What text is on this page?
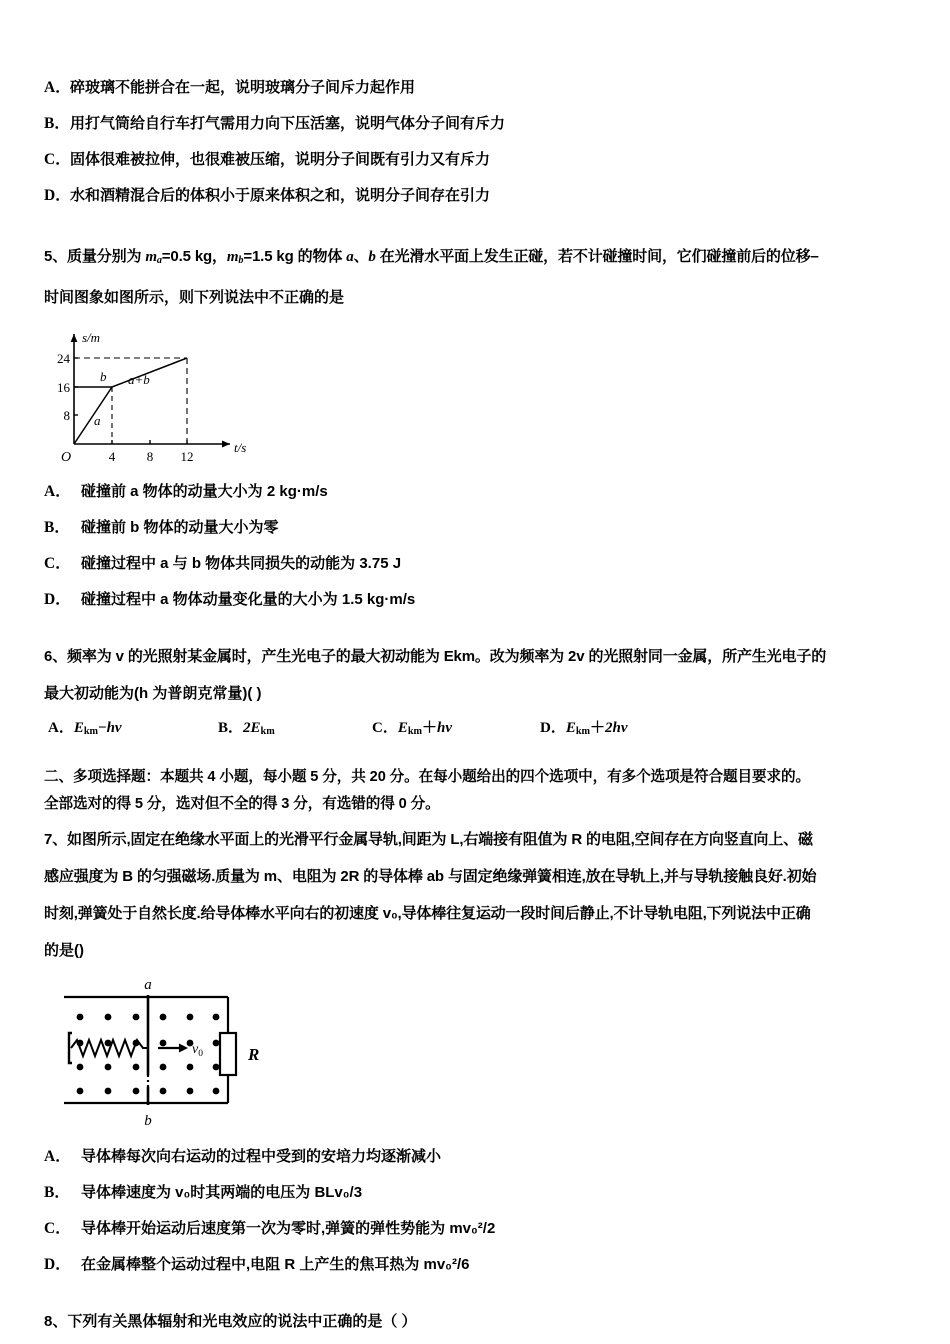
A． 碎玻璃不能拼合在一起，说明玻璃分子间斥力起作用
B． 用打气筒给自行车打气需用力向下压活塞，说明气体分子间有斥力
C． 固体很难被拉伸，也很难被压缩，说明分子间既有引力又有斥力
D． 水和酒精混合后的体积小于原来体积之和，说明分子间存在引力
5、质量分别为 $m_a=0.5$ kg，$m_b=1.5$ kg 的物体 a、b 在光滑水平面上发生正碰，若不计碰撞时间，它们碰撞前后的位移–
时间图象如图所示，则下列说法中不正确的是
24
16
8
4 8 12
O
s/m
t/s
a
b a+b
A． 碰撞前 a 物体的动量大小为 2 kg·m/s
B． 碰撞前 b 物体的动量大小为零
C． 碰撞过程中 a 与 b 物体共同损失的动能为 3.75 J
D． 碰撞过程中 a 物体动量变化量的大小为 1.5 kg·m/s
6、频率为 v 的光照射某金属时，产生光电子的最大初动能为 Ekm。改为频率为 2v 的光照射同一金属，所产生光电子的
最大初动能为(h 为普朗克常量)( )
A．$E_{km}-hv$	B．$2E_{km}$	C．$E_{km}+hv$	D．$E_{km}+2hv$
二、多项选择题：本题共 4 小题，每小题 5 分，共 20 分。在每小题给出的四个选项中，有多个选项是符合题目要求的。
全部选对的得 5 分，选对但不全的得 3 分，有选错的得 0 分。
7、如图所示,固定在绝缘水平面上的光滑平行金属导轨,间距为 L,右端接有阻值为 R 的电阻,空间存在方向竖直向上、磁
感应强度为 B 的匀强磁场.质量为 m、电阻为 2R 的导体棒 ab 与固定绝缘弹簧相连,放在导轨上,并与导轨接触良好.初始
时刻,弹簧处于自然长度.给导体棒水平向右的初速度 v₀,导体棒往复运动一段时间后静止,不计导轨电阻,下列说法中正确
的是()
R
a
b
$v_0$
A． 导体棒每次向右运动的过程中受到的安培力均逐渐减小
B． 导体棒速度为 v₀时其两端的电压为 BLv₀/3
C． 导体棒开始运动后速度第一次为零时,弹簧的弹性势能为 mv₀²/2
D． 在金属棒整个运动过程中,电阻 R 上产生的焦耳热为 mv₀²/6
8、下列有关黑体辐射和光电效应的说法中正确的是（ ）
